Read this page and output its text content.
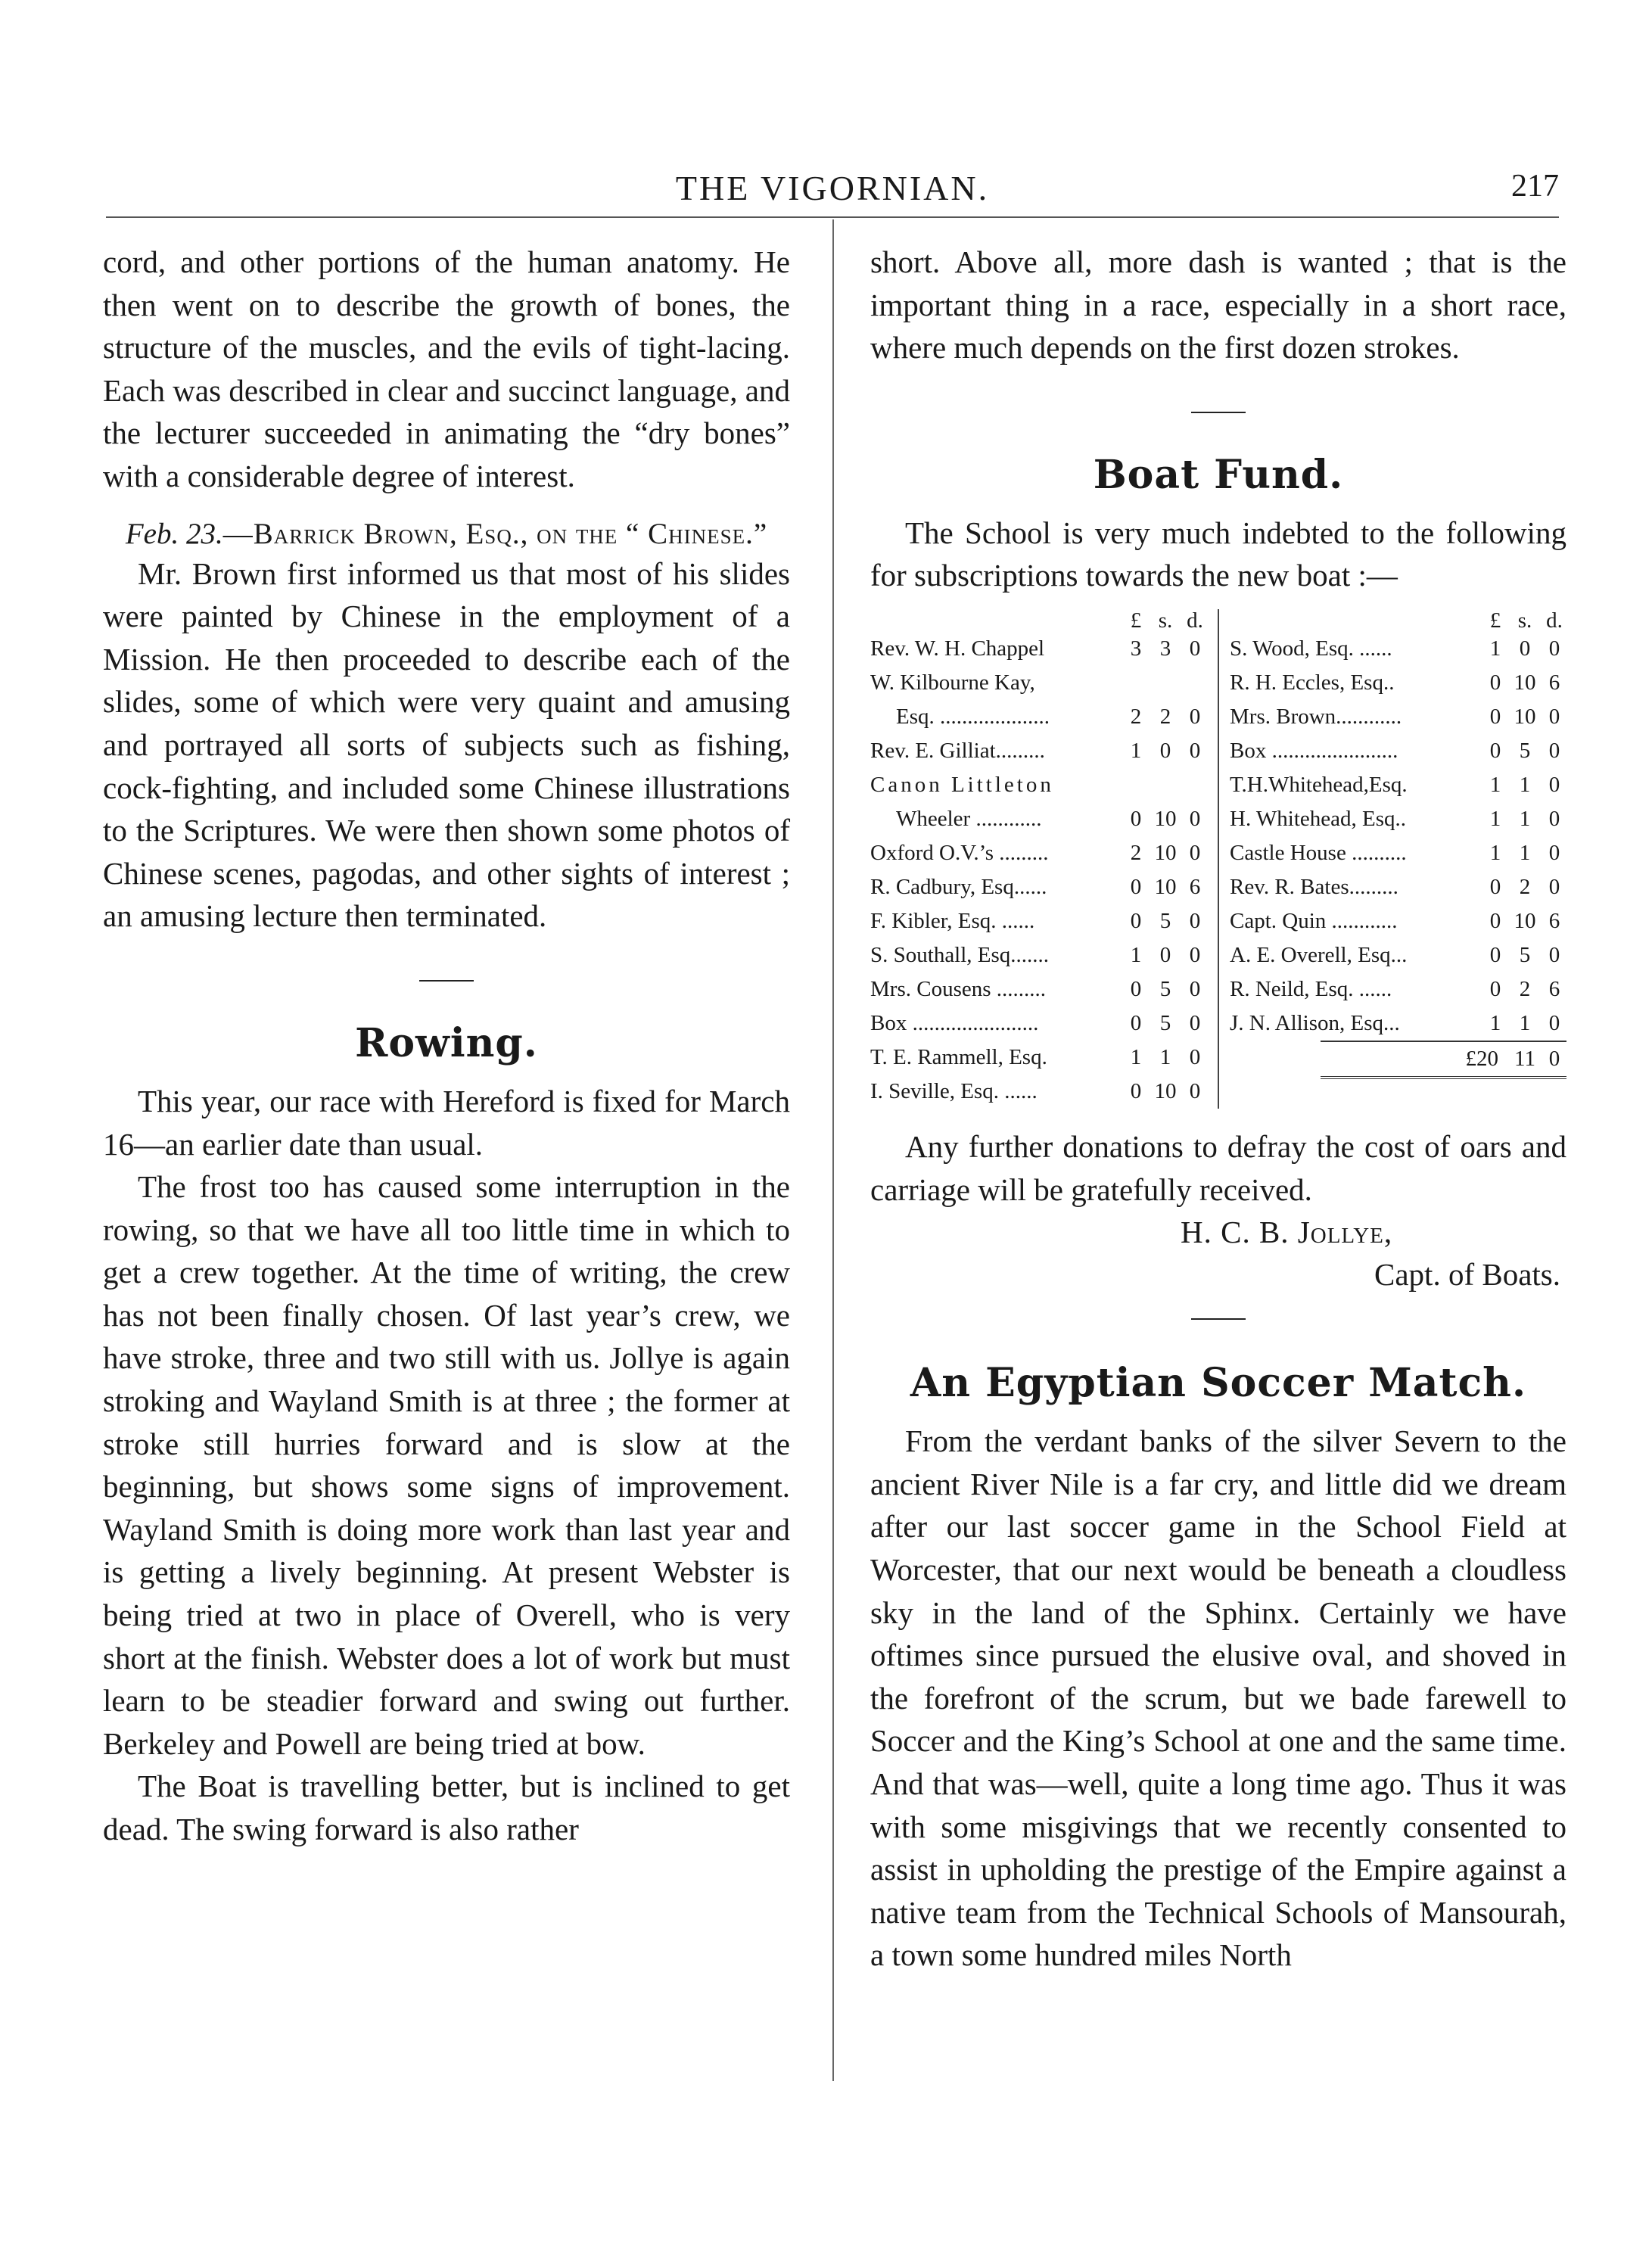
THE VIGORNIAN.	217

cord, and other portions of the human anatomy. He then went on to describe the growth of bones, the structure of the muscles, and the evils of tight-lacing. Each was described in clear and succinct language, and the lecturer succeeded in animating the “dry bones” with a considerable degree of interest.

Feb. 23.—Barrick Brown, Esq., on the “ Chinese.”

Mr. Brown first informed us that most of his slides were painted by Chinese in the employment of a Mission. He then proceeded to describe each of the slides, some of which were very quaint and amusing and portrayed all sorts of subjects such as fishing, cock-fighting, and included some Chinese illustrations to the Scriptures. We were then shown some photos of Chinese scenes, pagodas, and other sights of interest ; an amusing lecture then terminated.

Rowing.

This year, our race with Hereford is fixed for March 16—an earlier date than usual.

The frost too has caused some interruption in the rowing, so that we have all too little time in which to get a crew together. At the time of writing, the crew has not been finally chosen. Of last year’s crew, we have stroke, three and two still with us. Jollye is again stroking and Wayland Smith is at three ; the former at stroke still hurries forward and is slow at the beginning, but shows some signs of improvement. Wayland Smith is doing more work than last year and is getting a lively beginning. At present Webster is being tried at two in place of Overell, who is very short at the finish. Webster does a lot of work but must learn to be steadier forward and swing out further. Berkeley and Powell are being tried at bow.

The Boat is travelling better, but is inclined to get dead. The swing forward is also rather

short. Above all, more dash is wanted ; that is the important thing in a race, especially in a short race, where much depends on the first dozen strokes.

Boat Fund.

The School is very much indebted to the following for subscriptions towards the new boat :—

£ s. d.
Rev. W. H. Chappel	3 3 0
W. Kilbourne Kay,
Esq. ....................	2 2 0
Rev. E. Gilliat.........	1 0 0
Canon Littleton
Wheeler ............	0 10 0
Oxford O.V.’s .........	2 10 0
R. Cadbury, Esq......	0 10 6
F. Kibler, Esq. ......	0 5 0
S. Southall, Esq.......	1 0 0
Mrs. Cousens .........	0 5 0
Box .......................	0 5 0
T. E. Rammell, Esq.	1 1 0
I. Seville, Esq. ......	0 10 0
£ s. d.
S. Wood, Esq. ......	1 0 0
R. H. Eccles, Esq..	0 10 6
Mrs. Brown............	0 10 0
Box .......................	0 5 0
T.H.Whitehead,Esq.	1 1 0
H. Whitehead, Esq..	1 1 0
Castle House ..........	1 1 0
Rev. R. Bates.........	0 2 0
Capt. Quin ............	0 10 6
A. E. Overell, Esq...	0 5 0
R. Neild, Esq. ......	0 2 6
J. N. Allison, Esq...	1 1 0
£20 11 0

Any further donations to defray the cost of oars and carriage will be gratefully received.

H. C. B. Jollye,
Capt. of Boats.
An Egyptian Soccer Match.

From the verdant banks of the silver Severn to the ancient River Nile is a far cry, and little did we dream after our last soccer game in the School Field at Worcester, that our next would be beneath a cloudless sky in the land of the Sphinx. Certainly we have oftimes since pursued the elusive oval, and shoved in the forefront of the scrum, but we bade farewell to Soccer and the King’s School at one and the same time. And that was—well, quite a long time ago. Thus it was with some misgivings that we recently consented to assist in upholding the prestige of the Empire against a native team from the Technical Schools of Mansourah, a town some hundred miles North
